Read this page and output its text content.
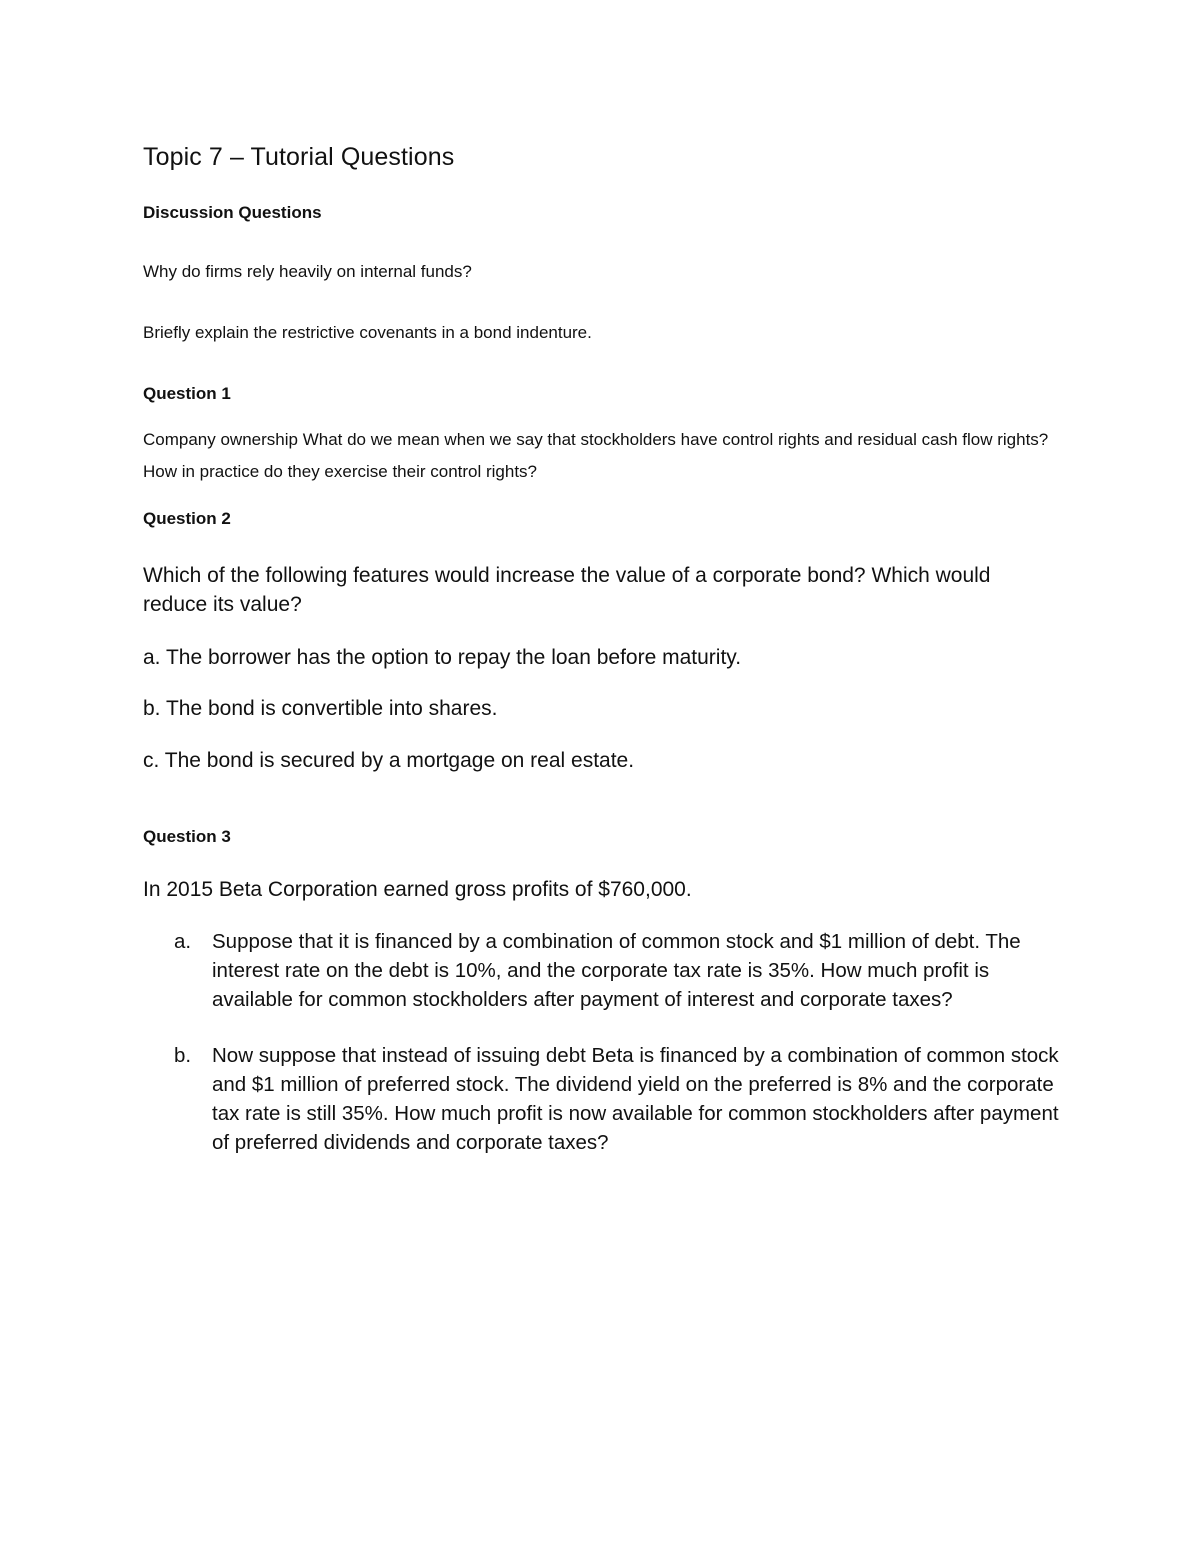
Topic 7 – Tutorial Questions
Discussion Questions

Why do firms rely heavily on internal funds?

Briefly explain the restrictive covenants in a bond indenture.

Question 1

Company ownership What do we mean when we say that stockholders have control rights and residual cash flow rights? How in practice do they exercise their control rights?

Question 2

Which of the following features would increase the value of a corporate bond? Which would reduce its value?

a. The borrower has the option to repay the loan before maturity.

b. The bond is convertible into shares.

c. The bond is secured by a mortgage on real estate.

Question 3

In 2015 Beta Corporation earned gross profits of $760,000.

a.	Suppose that it is financed by a combination of common stock and $1 million of debt. The interest rate on the debt is 10%, and the corporate tax rate is 35%. How much profit is available for common stockholders after payment of interest and corporate taxes?
b.	Now suppose that instead of issuing debt Beta is financed by a combination of common stock and $1 million of preferred stock. The dividend yield on the preferred is 8% and the corporate tax rate is still 35%. How much profit is now available for common stockholders after payment of preferred dividends and corporate taxes?
